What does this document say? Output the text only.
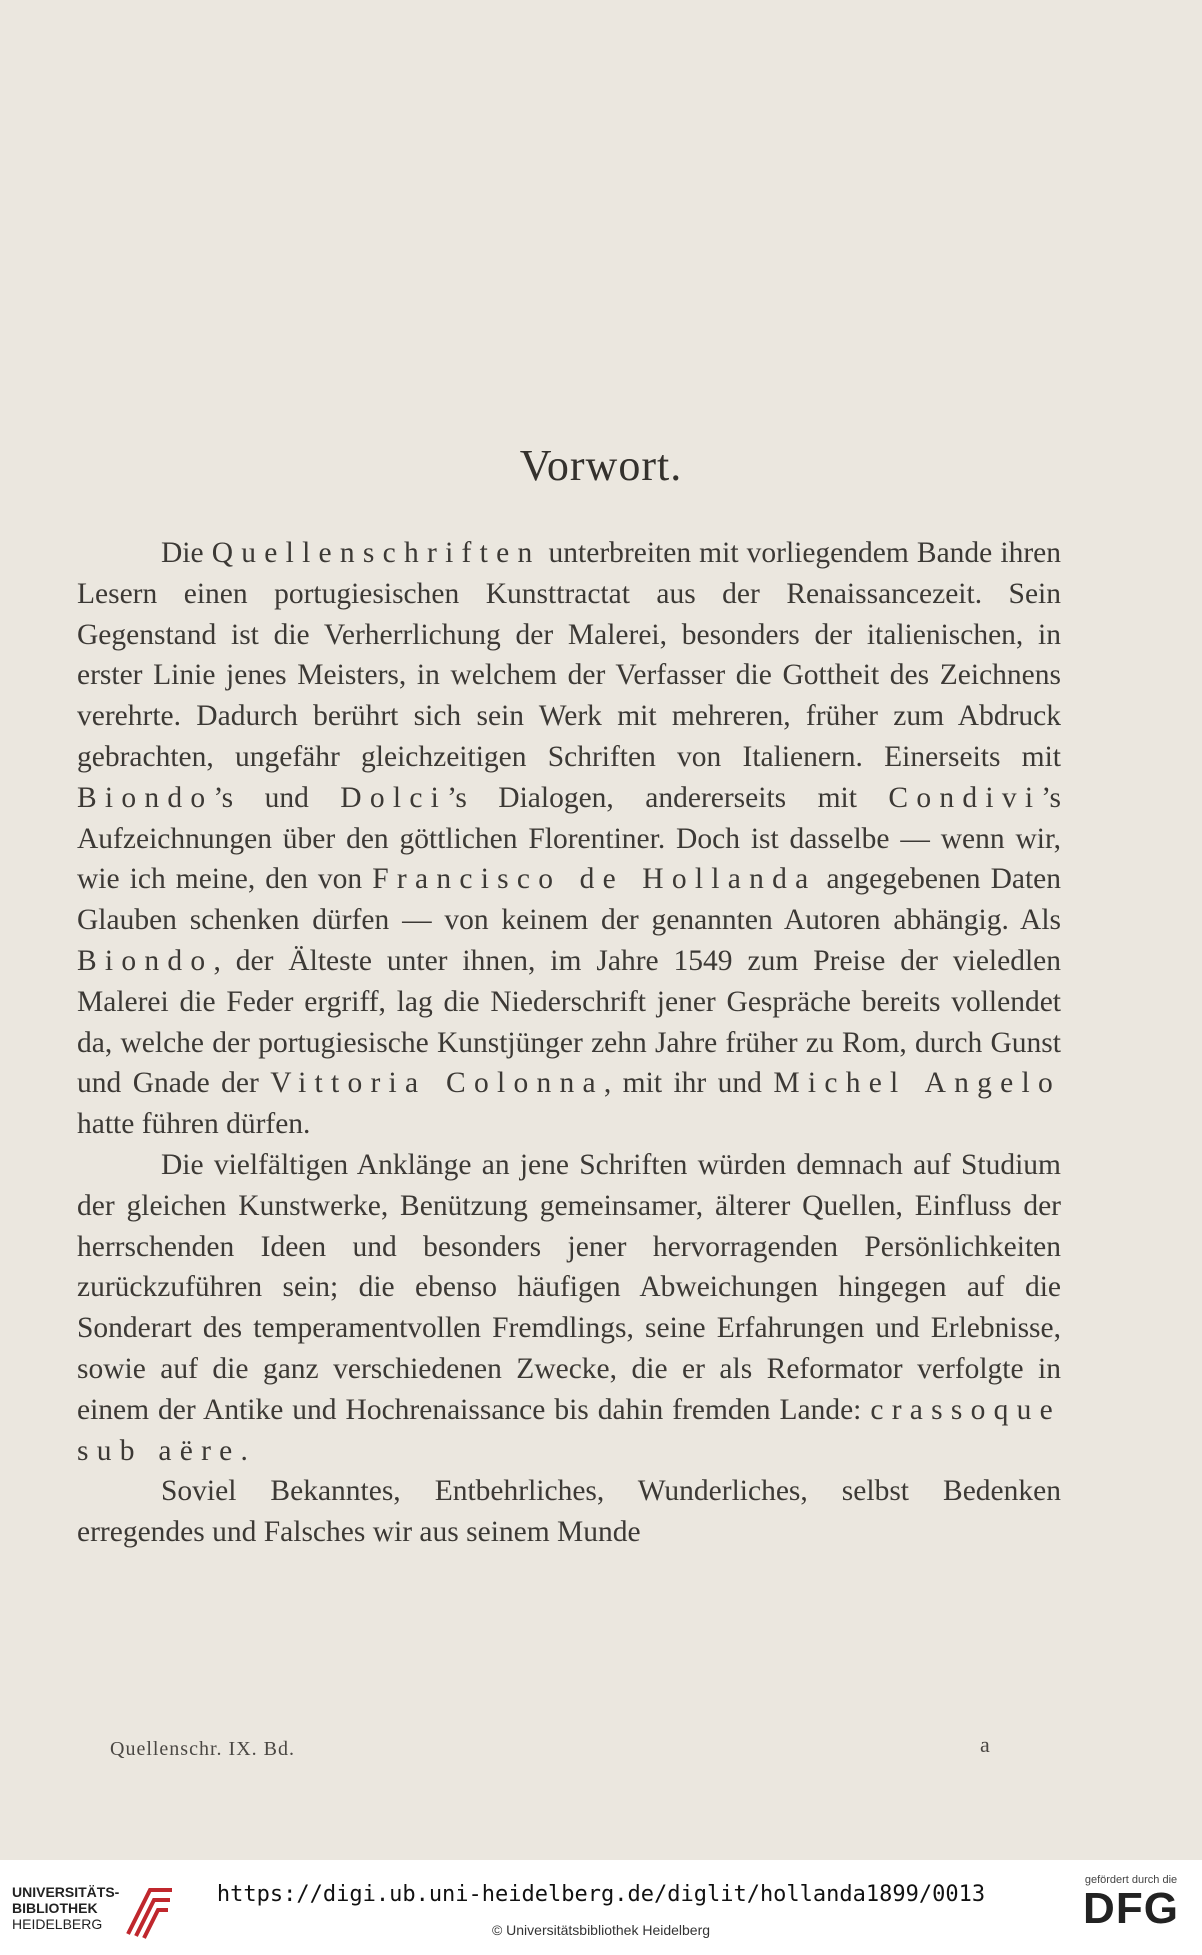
Vorwort.

Die Quellenschriften unterbreiten mit vorliegendem Bande ihren Lesern einen portugiesischen Kunsttractat aus der Renaissancezeit. Sein Gegenstand ist die Verherrlichung der Malerei, besonders der italienischen, in erster Linie jenes Meisters, in welchem der Verfasser die Gottheit des Zeichnens verehrte. Dadurch berührt sich sein Werk mit mehreren, früher zum Abdruck gebrachten, ungefähr gleichzeitigen Schriften von Italienern. Einerseits mit Biondo’s und Dolci’s Dialogen, andererseits mit Condivi’s Aufzeichnungen über den göttlichen Florentiner. Doch ist dasselbe — wenn wir, wie ich meine, den von Francisco de Hollanda angegebenen Daten Glauben schenken dürfen — von keinem der genannten Autoren abhängig. Als Biondo, der Älteste unter ihnen, im Jahre 1549 zum Preise der vieledlen Malerei die Feder ergriff, lag die Niederschrift jener Gespräche bereits vollendet da, welche der portugiesische Kunstjünger zehn Jahre früher zu Rom, durch Gunst und Gnade der Vittoria Colonna, mit ihr und Michel Angelo hatte führen dürfen.

Die vielfältigen Anklänge an jene Schriften würden demnach auf Studium der gleichen Kunstwerke, Benützung gemeinsamer, älterer Quellen, Einfluss der herrschenden Ideen und besonders jener hervorragenden Persönlichkeiten zurückzuführen sein; die ebenso häufigen Abweichungen hingegen auf die Sonderart des temperamentvollen Fremdlings, seine Erfahrungen und Erlebnisse, sowie auf die ganz verschiedenen Zwecke, die er als Reformator verfolgte in einem der Antike und Hochrenaissance bis dahin fremden Lande: crassoque sub aëre.

Soviel Bekanntes, Entbehrliches, Wunderliches, selbst Bedenken erregendes und Falsches wir aus seinem Munde

Quellenschr. IX. Bd.	a
UNIVERSITÄTS-
BIBLIOTHEK
HEIDELBERG
https://digi.ub.uni-heidelberg.de/diglit/hollanda1899/0013
© Universitätsbibliothek Heidelberg
gefördert durch die
DFG
